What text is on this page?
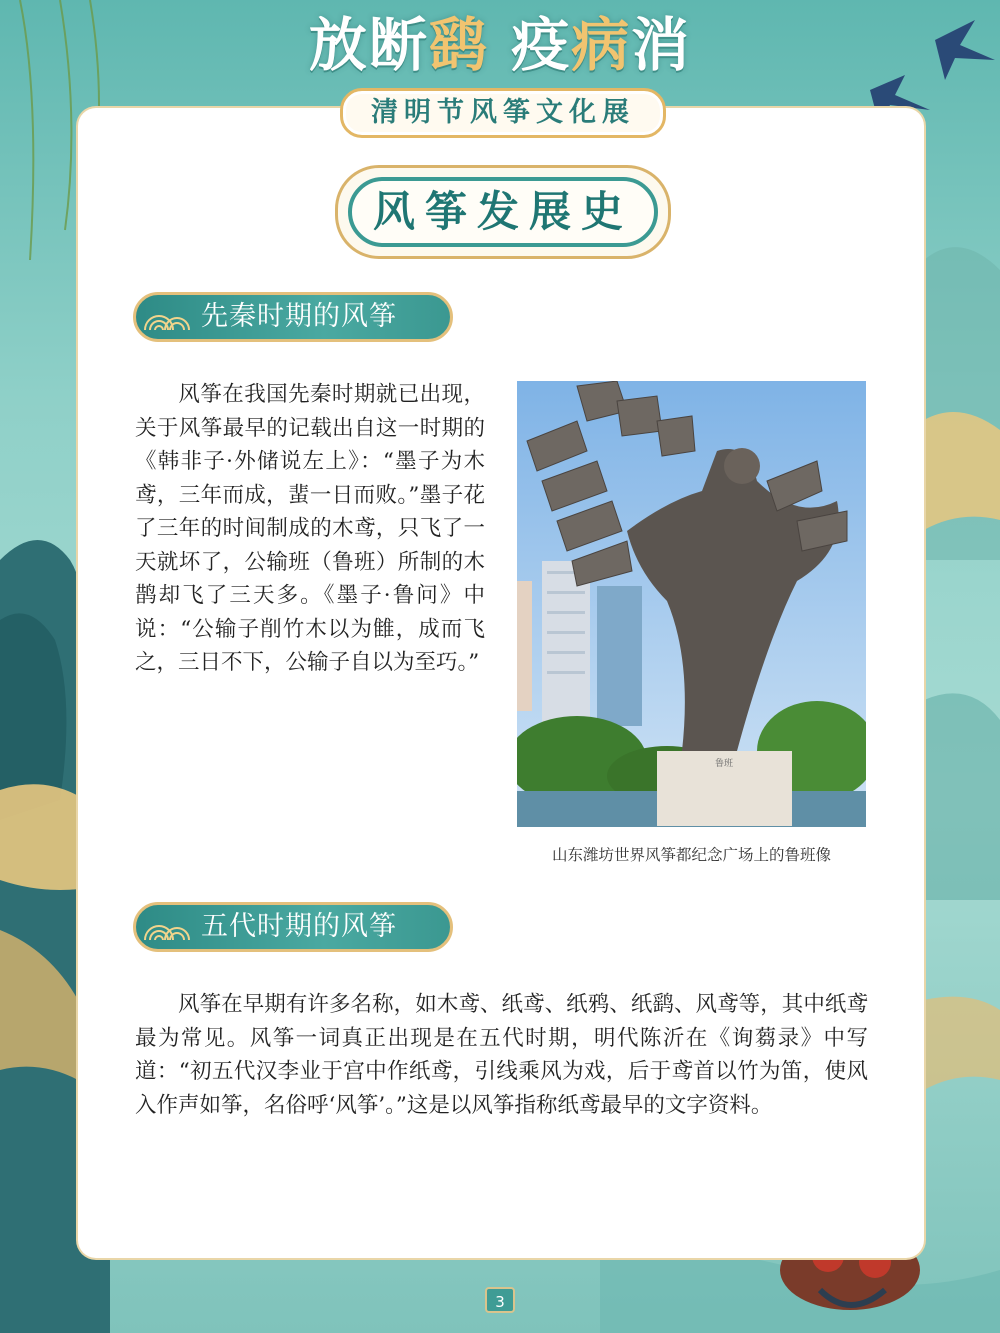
放断鹞 疫病消
清明节风筝文化展
风筝发展史
先秦时期的风筝

风筝在我国先秦时期就已出现，关于风筝最早的记载出自这一时期的《韩非子·外储说左上》：“墨子为木鸢，三年而成，蜚一日而败。”墨子花了三年的时间制成的木鸢，只飞了一天就坏了，公输班（鲁班）所制的木鹊却飞了三天多。《墨子·鲁问》中说：“公输子削竹木以为雔，成而飞之，三日不下，公输子自以为至巧。”

鲁班
山东潍坊世界风筝都纪念广场上的鲁班像
五代时期的风筝

风筝在早期有许多名称，如木鸢、纸鸢、纸鸦、纸鹞、风鸢等，其中纸鸢最为常见。风筝一词真正出现是在五代时期，明代陈沂在《询蒭录》中写道：“初五代汉李业于宫中作纸鸢，引线乘风为戏，后于鸢首以竹为笛，使风入作声如筝，名俗呼‘风筝’。”这是以风筝指称纸鸢最早的文字资料。

3
